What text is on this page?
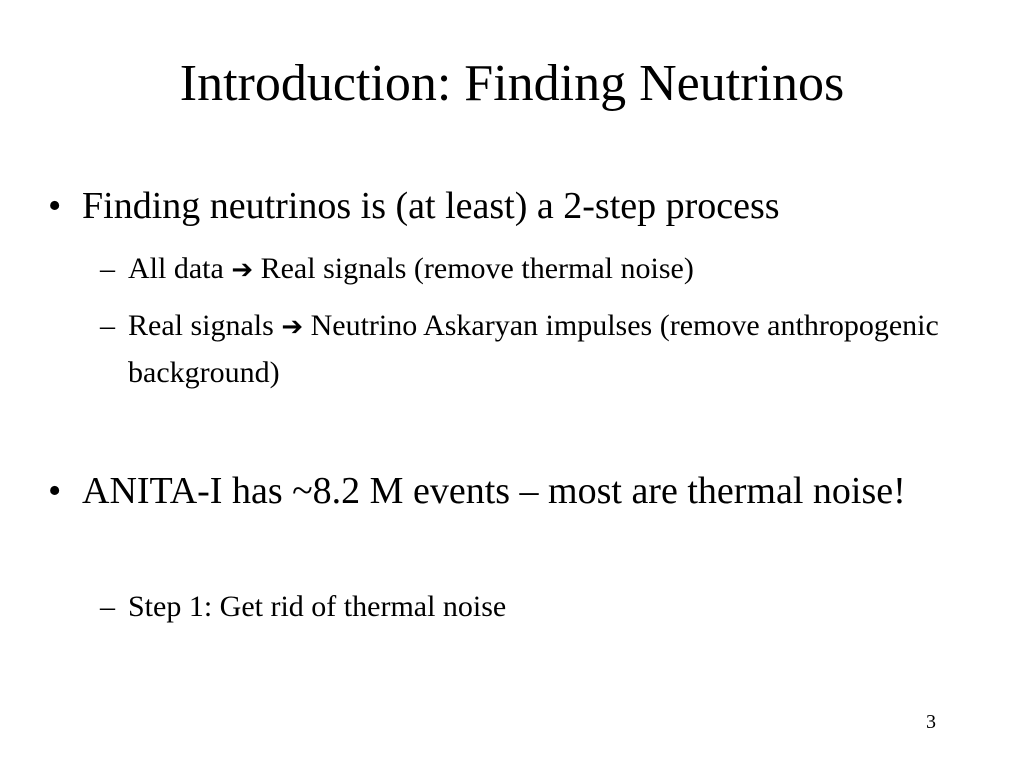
Introduction: Finding Neutrinos
• Finding neutrinos is (at least) a 2-step process
– All data ➔ Real signals (remove thermal noise)
– Real signals ➔ Neutrino Askaryan impulses (remove anthropogenic background)
• ANITA-I has ~8.2 M events – most are thermal noise!
– Step 1: Get rid of thermal noise
3
